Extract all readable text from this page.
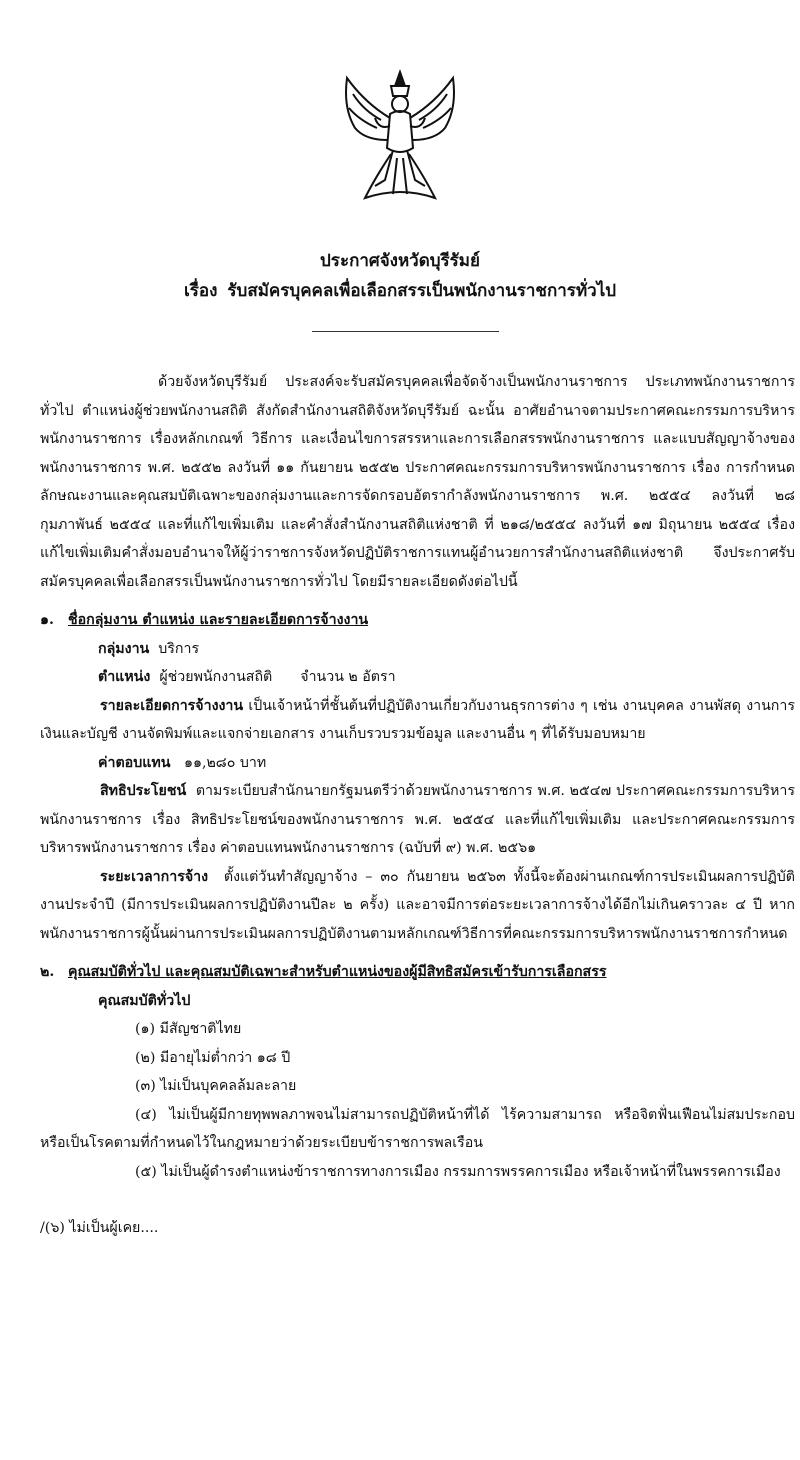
ประกาศจังหวัดบุรีรัมย์
เรื่อง รับสมัครบุคคลเพื่อเลือกสรรเป็นพนักงานราชการทั่วไป

ด้วยจังหวัดบุรีรัมย์ ประสงค์จะรับสมัครบุคคลเพื่อจัดจ้างเป็นพนักงานราชการ ประเภทพนักงานราชการทั่วไป ตำแหน่งผู้ช่วยพนักงานสถิติ สังกัดสำนักงานสถิติจังหวัดบุรีรัมย์ ฉะนั้น อาศัยอำนาจตามประกาศคณะกรรมการบริหารพนักงานราชการ เรื่องหลักเกณฑ์ วิธีการ และเงื่อนไขการสรรหาและการเลือกสรรพนักงานราชการ และแบบสัญญาจ้างของพนักงานราชการ พ.ศ. ๒๕๕๒ ลงวันที่ ๑๑ กันยายน ๒๕๕๒ ประกาศคณะกรรมการบริหารพนักงานราชการ เรื่อง การกำหนดลักษณะงานและคุณสมบัติเฉพาะของกลุ่มงานและการจัดกรอบอัตรากำลังพนักงานราชการ พ.ศ. ๒๕๕๔ ลงวันที่ ๒๘ กุมภาพันธ์ ๒๕๕๔ และที่แก้ไขเพิ่มเติม และคำสั่งสำนักงานสถิติแห่งชาติ ที่ ๒๑๘/๒๕๕๔ ลงวันที่ ๑๗ มิถุนายน ๒๕๕๔ เรื่อง แก้ไขเพิ่มเติมคำสั่งมอบอำนาจให้ผู้ว่าราชการจังหวัดปฏิบัติราชการแทนผู้อำนวยการสำนักงานสถิติแห่งชาติ จึงประกาศรับสมัครบุคคลเพื่อเลือกสรรเป็นพนักงานราชการทั่วไป โดยมีรายละเอียดดังต่อไปนี้

๑. ชื่อกลุ่มงาน ตำแหน่ง และรายละเอียดการจ้างงาน

กลุ่มงาน บริการ

ตำแหน่ง ผู้ช่วยพนักงานสถิติ จำนวน ๒ อัตรา

รายละเอียดการจ้างงาน เป็นเจ้าหน้าที่ชั้นต้นที่ปฏิบัติงานเกี่ยวกับงานธุรการต่าง ๆ เช่น งานบุคคล งานพัสดุ งานการเงินและบัญชี งานจัดพิมพ์และแจกจ่ายเอกสาร งานเก็บรวบรวมข้อมูล และงานอื่น ๆ ที่ได้รับมอบหมาย

ค่าตอบแทน ๑๑,๒๘๐ บาท

สิทธิประโยชน์ ตามระเบียบสำนักนายกรัฐมนตรีว่าด้วยพนักงานราชการ พ.ศ. ๒๕๔๗ ประกาศคณะกรรมการบริหารพนักงานราชการ เรื่อง สิทธิประโยชน์ของพนักงานราชการ พ.ศ. ๒๕๕๔ และที่แก้ไขเพิ่มเติม และประกาศคณะกรรมการบริหารพนักงานราชการ เรื่อง ค่าตอบแทนพนักงานราชการ (ฉบับที่ ๙) พ.ศ. ๒๕๖๑

ระยะเวลาการจ้าง ตั้งแต่วันทำสัญญาจ้าง – ๓๐ กันยายน ๒๕๖๓ ทั้งนี้จะต้องผ่านเกณฑ์การประเมินผลการปฏิบัติงานประจำปี (มีการประเมินผลการปฏิบัติงานปีละ ๒ ครั้ง) และอาจมีการต่อระยะเวลาการจ้างได้อีกไม่เกินคราวละ ๔ ปี หากพนักงานราชการผู้นั้นผ่านการประเมินผลการปฏิบัติงานตามหลักเกณฑ์วิธีการที่คณะกรรมการบริหารพนักงานราชการกำหนด

๒. คุณสมบัติทั่วไป และคุณสมบัติเฉพาะสำหรับตำแหน่งของผู้มีสิทธิสมัครเข้ารับการเลือกสรร

คุณสมบัติทั่วไป

(๑) มีสัญชาติไทย

(๒) มีอายุไม่ต่ำกว่า ๑๘ ปี

(๓) ไม่เป็นบุคคลล้มละลาย

(๔) ไม่เป็นผู้มีกายทุพพลภาพจนไม่สามารถปฏิบัติหน้าที่ได้ ไร้ความสามารถ หรือจิตฟั่นเฟือนไม่สมประกอบ หรือเป็นโรคตามที่กำหนดไว้ในกฎหมายว่าด้วยระเบียบข้าราชการพลเรือน

(๕) ไม่เป็นผู้ดำรงตำแหน่งข้าราชการทางการเมือง กรรมการพรรคการเมือง หรือเจ้าหน้าที่ในพรรคการเมือง

/(๖) ไม่เป็นผู้เคย....
